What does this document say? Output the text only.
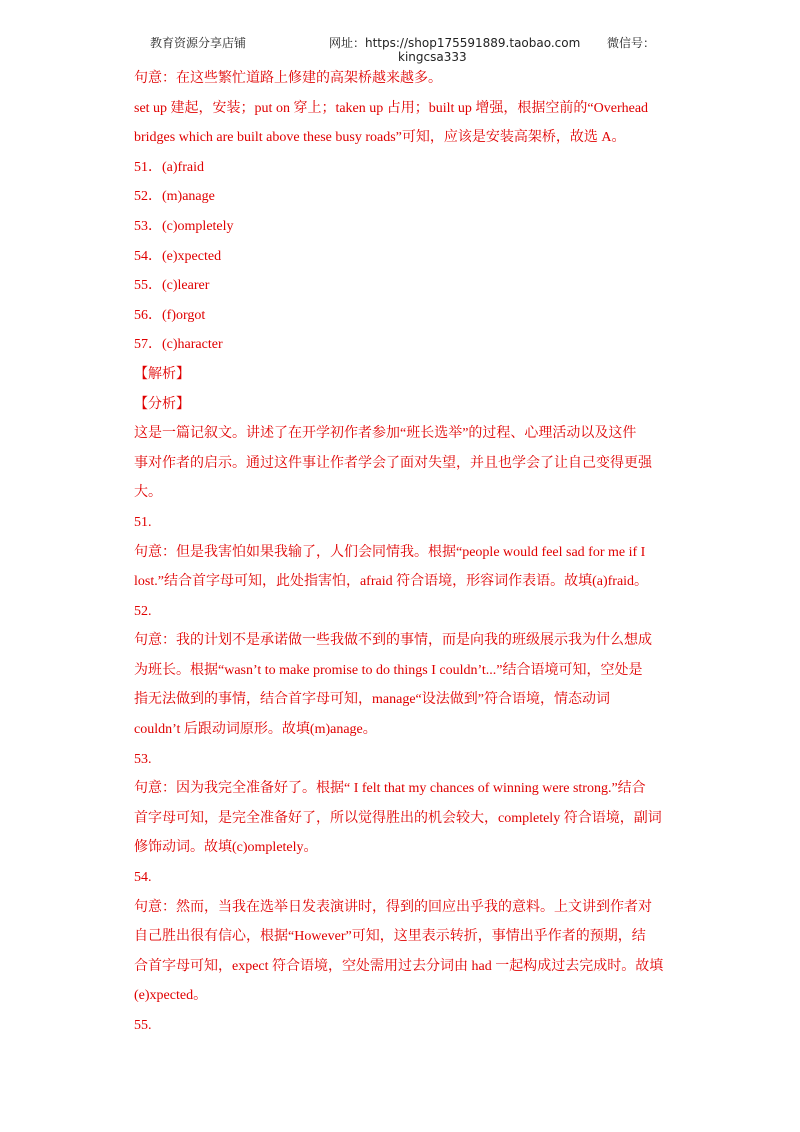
教育资源分享店铺	网址：https://shop175591889.taobao.com
kingcsa333
微信号：
句意：在这些繁忙道路上修建的高架桥越来越多。
set up 建起，安装；put on 穿上；taken up 占用；built up 增强，根据空前的“Overhead
bridges which are built above these busy roads”可知，应该是安装高架桥，故选 A。
51．(a)fraid
52．(m)anage
53．(c)ompletely
54．(e)xpected
55．(c)learer
56．(f)orgot
57．(c)haracter
【解析】
【分析】
这是一篇记叙文。讲述了在开学初作者参加“班长选举”的过程、心理活动以及这件
事对作者的启示。通过这件事让作者学会了面对失望，并且也学会了让自己变得更强
大。
51.
句意：但是我害怕如果我输了，人们会同情我。根据“people would feel sad for me if I
lost.”结合首字母可知，此处指害怕，afraid 符合语境，形容词作表语。故填(a)fraid。
52.
句意：我的计划不是承诺做一些我做不到的事情，而是向我的班级展示我为什么想成
为班长。根据“wasn’t to make promise to do things I couldn’t...”结合语境可知，空处是
指无法做到的事情，结合首字母可知，manage“设法做到”符合语境，情态动词
couldn’t 后跟动词原形。故填(m)anage。
53.
句意：因为我完全准备好了。根据“ I felt that my chances of winning were strong.”结合
首字母可知，是完全准备好了，所以觉得胜出的机会较大，completely 符合语境，副词
修饰动词。故填(c)ompletely。
54.
句意：然而，当我在选举日发表演讲时，得到的回应出乎我的意料。上文讲到作者对
自己胜出很有信心，根据“However”可知，这里表示转折，事情出乎作者的预期，结
合首字母可知，expect 符合语境，空处需用过去分词由 had 一起构成过去完成时。故填
(e)xpected。
55.
